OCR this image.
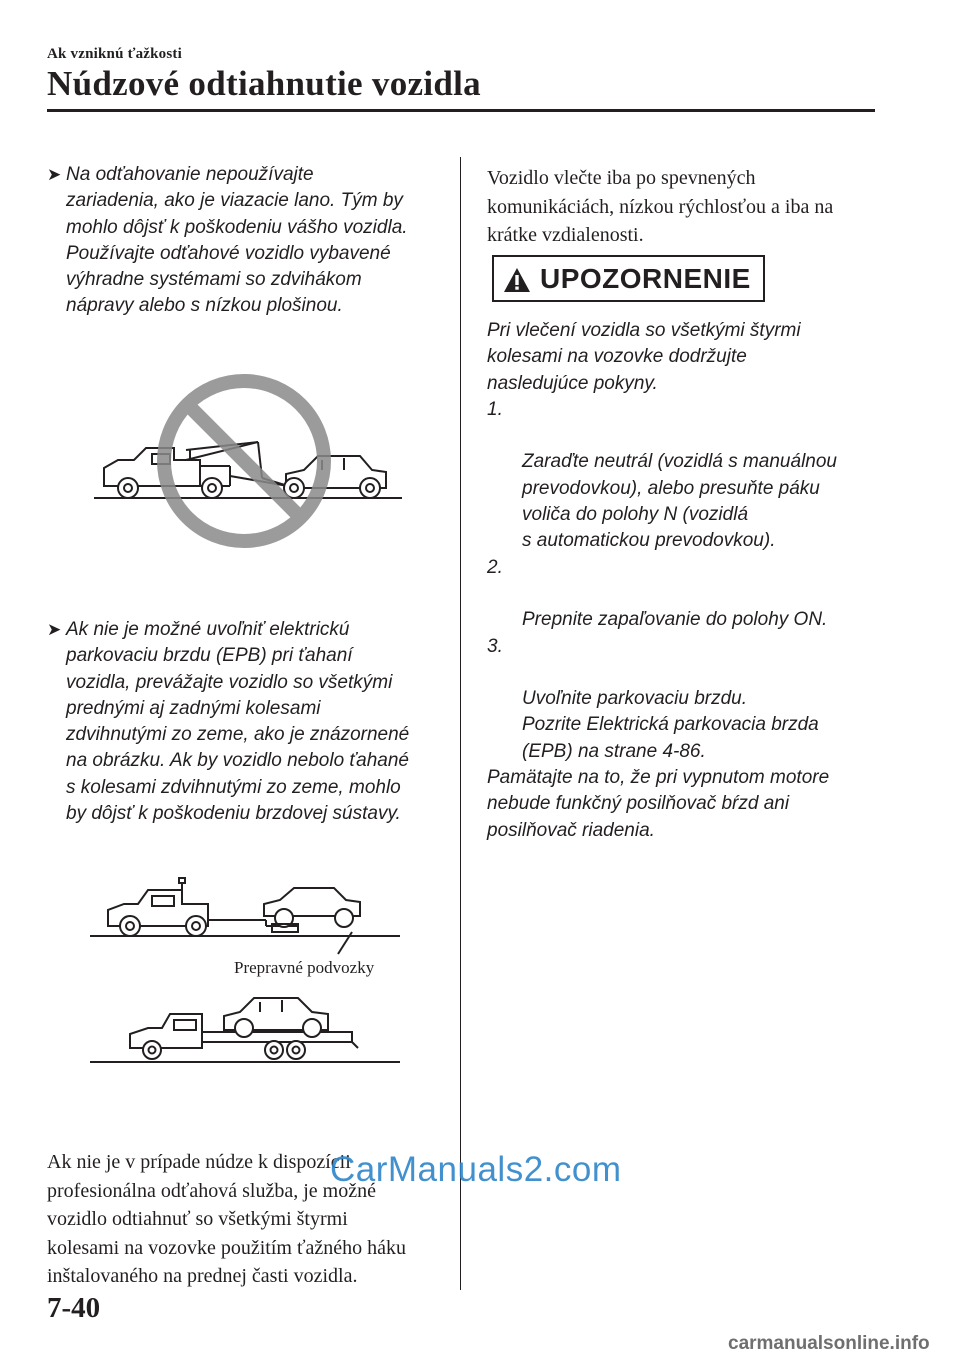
Ak vzniknú ťažkosti
Núdzové odtiahnutie vozidla
➤ Na odťahovanie nepoužívajte
zariadenia, ako je viazacie lano. Tým by
mohlo dôjsť k poškodeniu vášho vozidla.
Používajte odťahové vozidlo vybavené
výhradne systémami so zdvihákom
nápravy alebo s nízkou plošinou.
➤ Ak nie je možné uvoľniť elektrickú
parkovaciu brzdu (EPB) pri ťahaní
vozidla, prevážajte vozidlo so všetkými
prednými aj zadnými kolesami
zdvihnutými zo zeme, ako je znázornené
na obrázku. Ak by vozidlo nebolo ťahané
s kolesami zdvihnutými zo zeme, mohlo
by dôjsť k poškodeniu brzdovej sústavy.
Prepravné podvozky
Ak nie je v prípade núdze k dispozícii
profesionálna odťahová služba, je možné
vozidlo odtiahnuť so všetkými štyrmi
kolesami na vozovke použitím ťažného háku
inštalovaného na prednej časti vozidla.
Vozidlo vlečte iba po spevnených
komunikáciách, nízkou rýchlosťou a iba na
krátke vzdialenosti.
UPOZORNENIE

Pri vlečení vozidla so všetkými štyrmi
kolesami na vozovke dodržujte
nasledujúce pokyny.

1.

Zaraďte neutrál (vozidlá s manuálnou
prevodovkou), alebo presuňte páku
voliča do polohy N (vozidlá
s automatickou prevodovkou).

2.

Prepnite zapaľovanie do polohy ON.

3.

Uvoľnite parkovaciu brzdu.
Pozrite Elektrická parkovacia brzda
(EPB) na strane 4-86.

Pamätajte na to, že pri vypnutom motore
nebude funkčný posilňovač bŕzd ani
posilňovač riadenia.

7-40
CarManuals2.com
carmanualsonline.info
